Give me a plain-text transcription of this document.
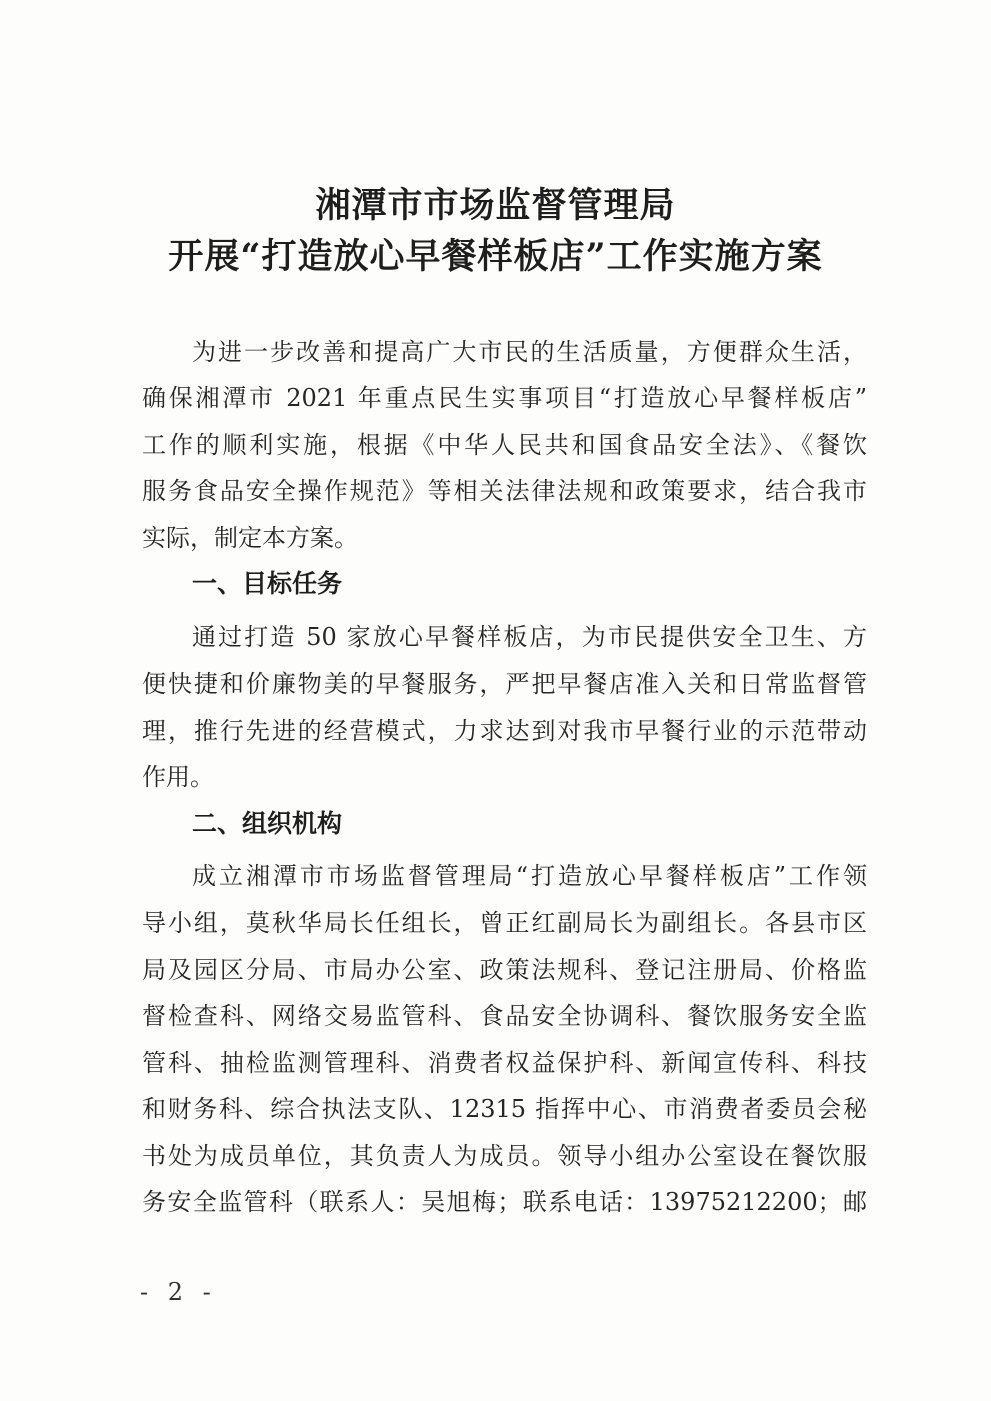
湘潭市市场监督管理局
开展“打造放心早餐样板店”工作实施方案

为进一步改善和提高广大市民的生活质量，方便群众生活，

确保湘潭市 2021 年重点民生实事项目“打造放心早餐样板店”

工作的顺利实施，根据《中华人民共和国食品安全法》、《餐饮

服务食品安全操作规范》等相关法律法规和政策要求，结合我市

实际，制定本方案。

一、目标任务

通过打造 50 家放心早餐样板店，为市民提供安全卫生、方

便快捷和价廉物美的早餐服务，严把早餐店准入关和日常监督管

理，推行先进的经营模式，力求达到对我市早餐行业的示范带动

作用。

二、组织机构

成立湘潭市市场监督管理局“打造放心早餐样板店”工作领

导小组，莫秋华局长任组长，曾正红副局长为副组长。各县市区

局及园区分局、市局办公室、政策法规科、登记注册局、价格监

督检查科、网络交易监管科、食品安全协调科、餐饮服务安全监

管科、抽检监测管理科、消费者权益保护科、新闻宣传科、科技

和财务科、综合执法支队、12315 指挥中心、市消费者委员会秘

书处为成员单位，其负责人为成员。领导小组办公室设在餐饮服

务安全监管科（联系人：吴旭梅；联系电话：13975212200；邮

- 2 -
